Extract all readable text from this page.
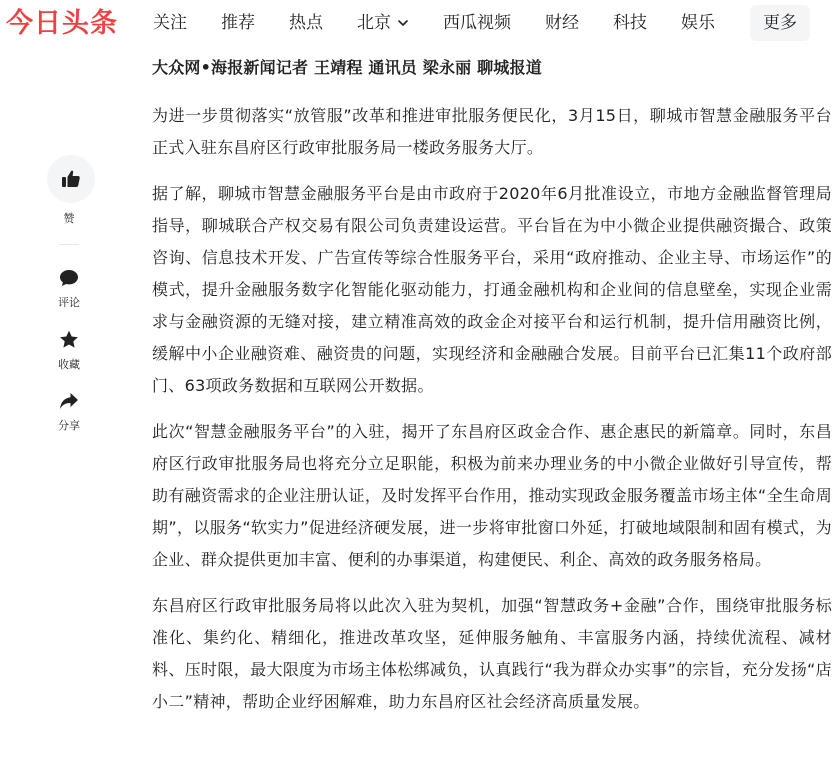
今日头条 关注 推荐 热点 北京	西瓜视频 财经 科技 娱乐	更多
赞
评论
收藏
分享
大众网•海报新闻记者 王靖程 通讯员 梁永丽 聊城报道

为进一步贯彻落实“放管服”改革和推进审批服务便民化，3月15日，聊城市智慧金融服务平台正式入驻东昌府区行政审批服务局一楼政务服务大厅。

据了解，聊城市智慧金融服务平台是由市政府于2020年6月批准设立，市地方金融监督管理局指导，聊城联合产权交易有限公司负责建设运营。平台旨在为中小微企业提供融资撮合、政策咨询、信息技术开发、广告宣传等综合性服务平台，采用“政府推动、企业主导、市场运作”的模式，提升金融服务数字化智能化驱动能力，打通金融机构和企业间的信息壁垒，实现企业需求与金融资源的无缝对接，建立精准高效的政金企对接平台和运行机制，提升信用融资比例，缓解中小企业融资难、融资贵的问题，实现经济和金融融合发展。目前平台已汇集11个政府部门、63项政务数据和互联网公开数据。

此次“智慧金融服务平台”的入驻，揭开了东昌府区政金合作、惠企惠民的新篇章。同时，东昌府区行政审批服务局也将充分立足职能，积极为前来办理业务的中小微企业做好引导宣传，帮助有融资需求的企业注册认证，及时发挥平台作用，推动实现政金服务覆盖市场主体“全生命周期”，以服务“软实力”促进经济硬发展，进一步将审批窗口外延，打破地域限制和固有模式，为企业、群众提供更加丰富、便利的办事渠道，构建便民、利企、高效的政务服务格局。

东昌府区行政审批服务局将以此次入驻为契机，加强“智慧政务+金融”合作，围绕审批服务标准化、集约化、精细化，推进改革攻坚，延伸服务触角、丰富服务内涵，持续优流程、减材料、压时限，最大限度为市场主体松绑减负，认真践行“我为群众办实事”的宗旨，充分发扬“店小二”精神，帮助企业纾困解难，助力东昌府区社会经济高质量发展。
